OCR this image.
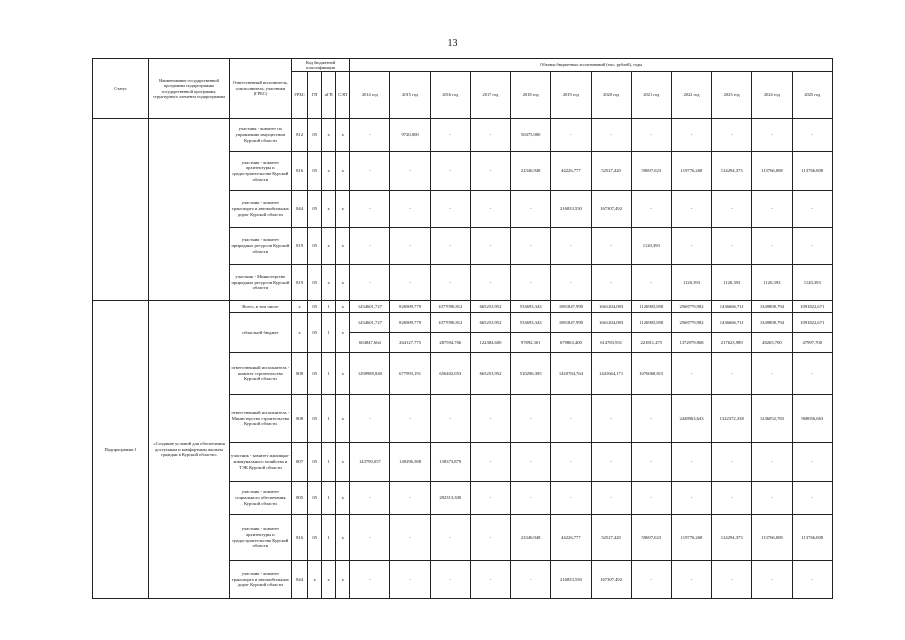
13
Статус	Наименование государственной программы подпрограммы государственной программы, структурного элемента подпрограммы	Ответственный исполнитель, соисполнитель, участники (ГРБС)	Код бюджетной классификации				Объемы бюджетных ассигнований (тыс. рублей), годы											
			ГРБС	ГП	пГП	СЭП	2014 год	2015 год	2016 год	2017 год	2018 год	2019 год	2020 год	2021 год	2022 год	2023 год	2024 год	2025 год
		участник - комитет по управлению имуществом Курской области	812	05	х	х	-	9720,000	-	-	50475,000	-	-	-	-	-	-	-
		участник - комитет архитектуры и градостроительства Курской области	816	05	х	х	-	-	-	-	22346,948	44226,777	52527,420	59697,023	119776,268	124294,373	113766,008	113766,008
		участник - комитет транспорта и автомобильных дорог Курской области	844	05	х	х	-	-	-	-	-	216833,550	167307,492	-	-	-	-	-
		участник - комитет природных ресурсов Курской области	819	05	х	х	-	-	-	-	-	-	-	1120,393	-	-	-	-
		участник - Министерство природных ресурсов Курской области	819	05	х	х	-	-	-	-	-	-	-	-	1120,393	1120,393	1120,393	1120,393
Подпрограмма 1	«Создание условий для обеспечения доступным и комфортным жильем граждан в Курской области»	Всего, в том числе	х	05	1	х	1434601,727	826909,779	1077090,812	665253,952	533693,343	1081847,990	1661204,083	1126905,858	2568779,982	1436666,711	1349808,794	1091822,671
		областной бюджет	х	05	1	х	1434601,727	826909,779	1077090,812	665253,952	533693,343	1081847,990	1661204,083	1126905,858	2568779,982	1436666,711	1349808,794	1091822,671
							604847,664	264127,775	287594,706	122384,600	97892,301	679863,400	614783,931	221811,475	1372979,868	217623,989	48265,700	47997,700
		ответственный исполнитель - комитет строительства Курской области	808	05	1	х	1290989,840	677993,191	656402,053	665253,952	510296,395	1420784,764	1441664,171	1076068,815	-	-	-	-
		ответственный исполнитель - Министерство строительства Курской области	808	05	1	х	-	-	-	-	-	-	-	-	2448963,643	1322372,338	1236052,783	968056,663
		участник - комитет жилищно-коммунального хозяйства и ТЭК Курской области	807	05	1	х	143790,057	149296,588	138373,879	-	-	-	-	-	-	-	-	-
		участник - комитет социального обеспечения Курской области	805	05	1	х	-	-	282313,300	-	-	-	-	-	-	-	-	-
		участник - комитет архитектуры и градостроительства Курской области	816	05	1	х	-	-	-	-	22346,948	44226,777	52527,420	59697,023	119776,268	124294,373	113766,008	113766,008
		участник - комитет транспорта и автомобильных дорог Курской области	844	х	х	х	-	-	-	-	-	216833,550	167307,492	-	-	-	-	-
